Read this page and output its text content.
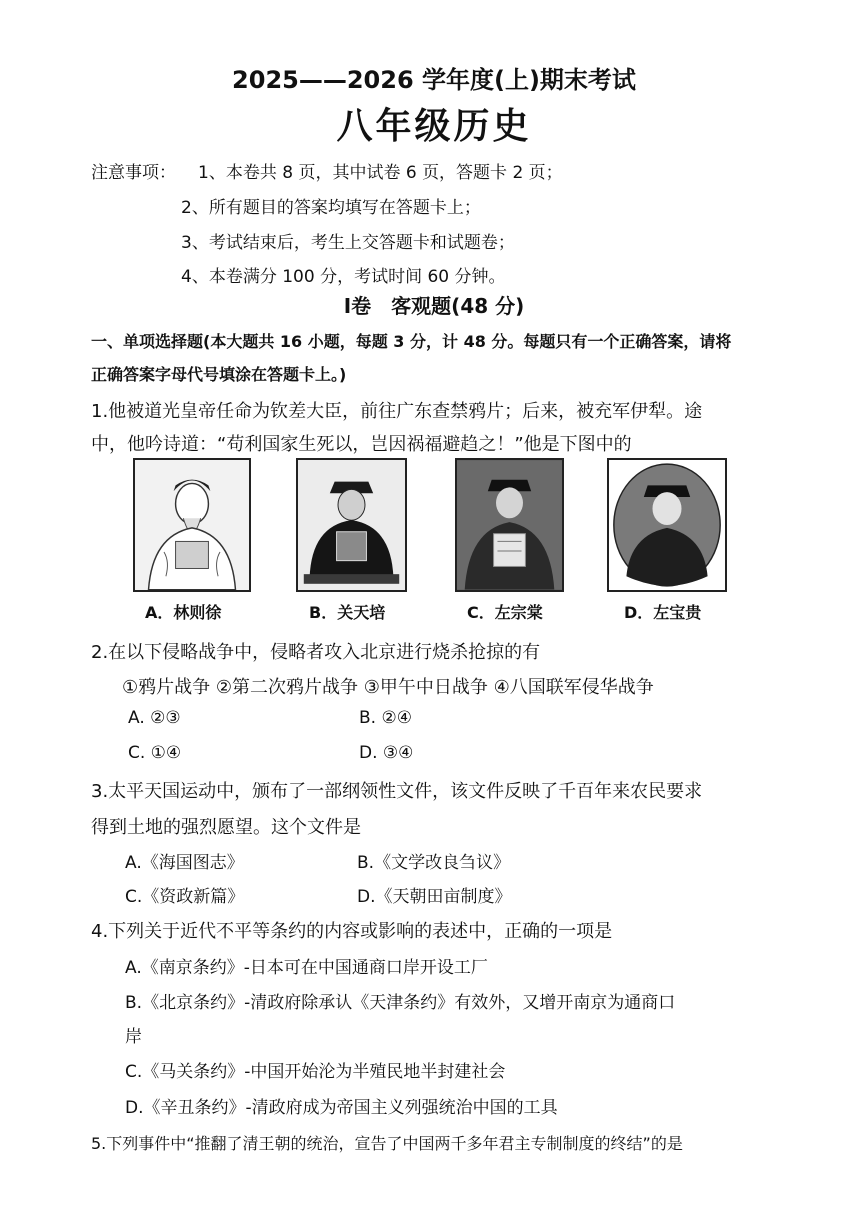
2025——2026 学年度(上)期末考试
八年级历史
注意事项： 1、本卷共 8 页，其中试卷 6 页，答题卡 2 页；
2、所有题目的答案均填写在答题卡上；
3、考试结束后，考生上交答题卡和试题卷；
4、本卷满分 100 分，考试时间 60 分钟。
Ⅰ卷　客观题(48 分)
一、单项选择题(本大题共 16 小题，每题 3 分，计 48 分。每题只有一个正确答案，请将
正确答案字母代号填涂在答题卡上。)
1.他被道光皇帝任命为钦差大臣，前往广东查禁鸦片；后来，被充军伊犁。途
中，他吟诗道：“苟利国家生死以，岂因祸福避趋之！”他是下图中的
A．林则徐	B．关天培	C．左宗棠	D．左宝贵
2.在以下侵略战争中，侵略者攻入北京进行烧杀抢掠的有
①鸦片战争 ②第二次鸦片战争 ③甲午中日战争 ④八国联军侵华战争
A. ②③	B. ②④
C. ①④	D. ③④
3.太平天国运动中，颁布了一部纲领性文件，该文件反映了千百年来农民要求
得到土地的强烈愿望。这个文件是
A.《海国图志》	B.《文学改良刍议》
C.《资政新篇》	D.《天朝田亩制度》
4.下列关于近代不平等条约的内容或影响的表述中，正确的一项是
A.《南京条约》-日本可在中国通商口岸开设工厂
B.《北京条约》-清政府除承认《天津条约》有效外，又增开南京为通商口
岸
C.《马关条约》-中国开始沦为半殖民地半封建社会
D.《辛丑条约》-清政府成为帝国主义列强统治中国的工具
5.下列事件中“推翻了清王朝的统治，宣告了中国两千多年君主专制制度的终结”的是
